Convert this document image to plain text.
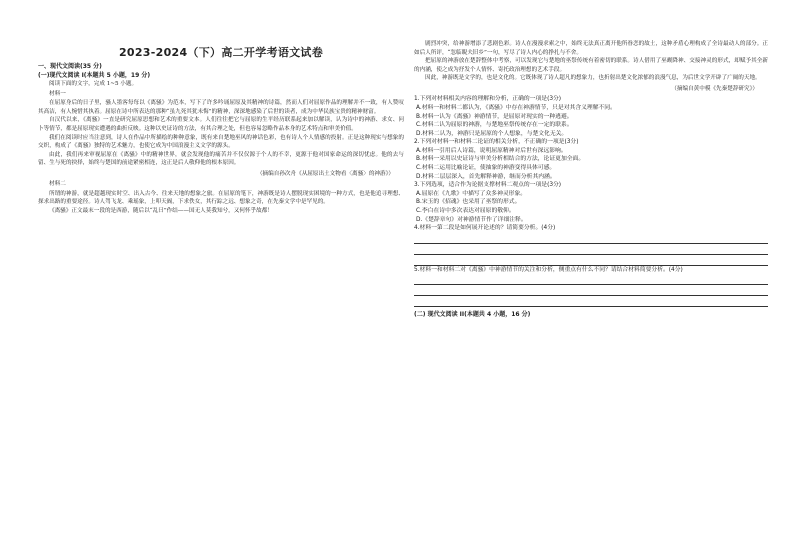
2023-2024（下）高二开学考语文试卷
一、现代文阅读(35 分)
(一)现代文阅读 I(本题共 5 小题，19 分)
阅读下面的文字，完成 1~5 小题。
材料一
在屈原身后的日子里，骚人墨客每每以《离骚》为范本，写下了许多吟诵屈原及其精神的诗篇，然而人们对屈原作品的理解并不一致，有人赞叹其高洁，有人惋惜其执着。屈原在诗中所表达的那种“虽九死其犹未悔”的精神，深深地感染了后世的读者，成为中华民族宝贵的精神财富。
自汉代以来，《离骚》一直是研究屈原思想和艺术的重要文本。人们往往把它与屈原的生平经历联系起来加以解读，认为诗中的神游、求女、问卜等情节，都是屈原现实遭遇的曲折反映。这种以史证诗的方法，有其合理之处，但也容易忽略作品本身的艺术特点和审美价值。
我们在阅读时应当注意到，诗人在作品中所描绘的种种意象，既有来自楚地巫风的神话色彩，也有诗人个人情感的投射。正是这种现实与想象的交织，构成了《离骚》独特的艺术魅力，也使它成为中国浪漫主义文学的源头。
由此，我们再来审视屈原在《离骚》中的精神世界，就会发现他的痛苦并不仅仅源于个人的不幸，更源于他对国家命运的深切忧虑。他的去与留、生与死的抉择，始终与楚国的前途紧密相连，这正是后人敬仰他的根本原因。
（摘编自孙次舟《从屈原出土文物看〈离骚〉的神游》）
材料二
所谓的神游，就是超越现实时空、出入古今、往来天地的想象之旅。在屈原的笔下，神游既是诗人摆脱现实困境的一种方式，也是他追寻理想、探求出路的重要途径。诗人驾飞龙、乘瑶象，上叩天阍，下求佚女，其行踪之远、想象之奇，在先秦文学中是罕见的。
《离骚》正文最末一段的是西游，随后以“乱曰”作结——国无人莫我知兮，又何怀乎故都！
剧烈冲突，给神游增添了悲剧色彩。诗人在漫漫求索之中，始终无法真正离开他所眷恋的故土，这种矛盾心理构成了全诗最动人的部分。正如后人所评，“忽临睨夫旧乡”一句，写尽了诗人内心的挣扎与不舍。
把屈原的神游放在楚辞整体中考察，可以发现它与楚地的巫祭传统有着密切的联系。诗人借用了巫觋降神、交接神灵的形式，却赋予其全新的内涵，使之成为抒发个人情怀、寄托政治理想的艺术手段。
因此，神游既是文学的，也是文化的。它既体现了诗人超凡的想象力，也折射出楚文化浓郁的浪漫气息，为后世文学开辟了广阔的天地。
（摘编自黄中模《先秦楚辞研究》）
1.下列对材料相关内容的理解和分析，正确的一项是(3分)
A.材料一和材料二都认为，《离骚》中存在神游情节，只是对其含义理解不同。
B.材料一认为《离骚》神游情节，是屈原对现实的一种逃避。
C.材料二认为屈原的神游，与楚地巫祭传统存在一定的联系。
D.材料二认为，神游只是屈原的个人想象，与楚文化无关。
2.下列对材料一和材料二论证的相关分析，不正确的一项是(3分)
A.材料一引用后人诗篇，说明屈原精神对后世有深远影响。
B.材料一采用以史证诗与审美分析相结合的方法，论证更加全面。
C.材料二运用比喻论证，使抽象的神游变得具体可感。
D.材料二层层深入，首先解释神游，继而分析其内涵。
3.下列选项，适合作为论据支撑材料二观点的一项是(3分)
A.屈原在《九歌》中描写了众多神灵形象。
B.宋玉的《招魂》也采用了巫祭的形式。
C.李白在诗中多次表达对屈原的敬仰。
D.《楚辞章句》对神游情节作了详细注释。
4.材料一第二段是如何展开论述的？请简要分析。(4分)
5.材料一和材料二对《离骚》中神游情节的关注和分析，侧重点有什么不同？请结合材料简要分析。(4分)
(二) 现代文阅读 II(本题共 4 小题，16 分)
